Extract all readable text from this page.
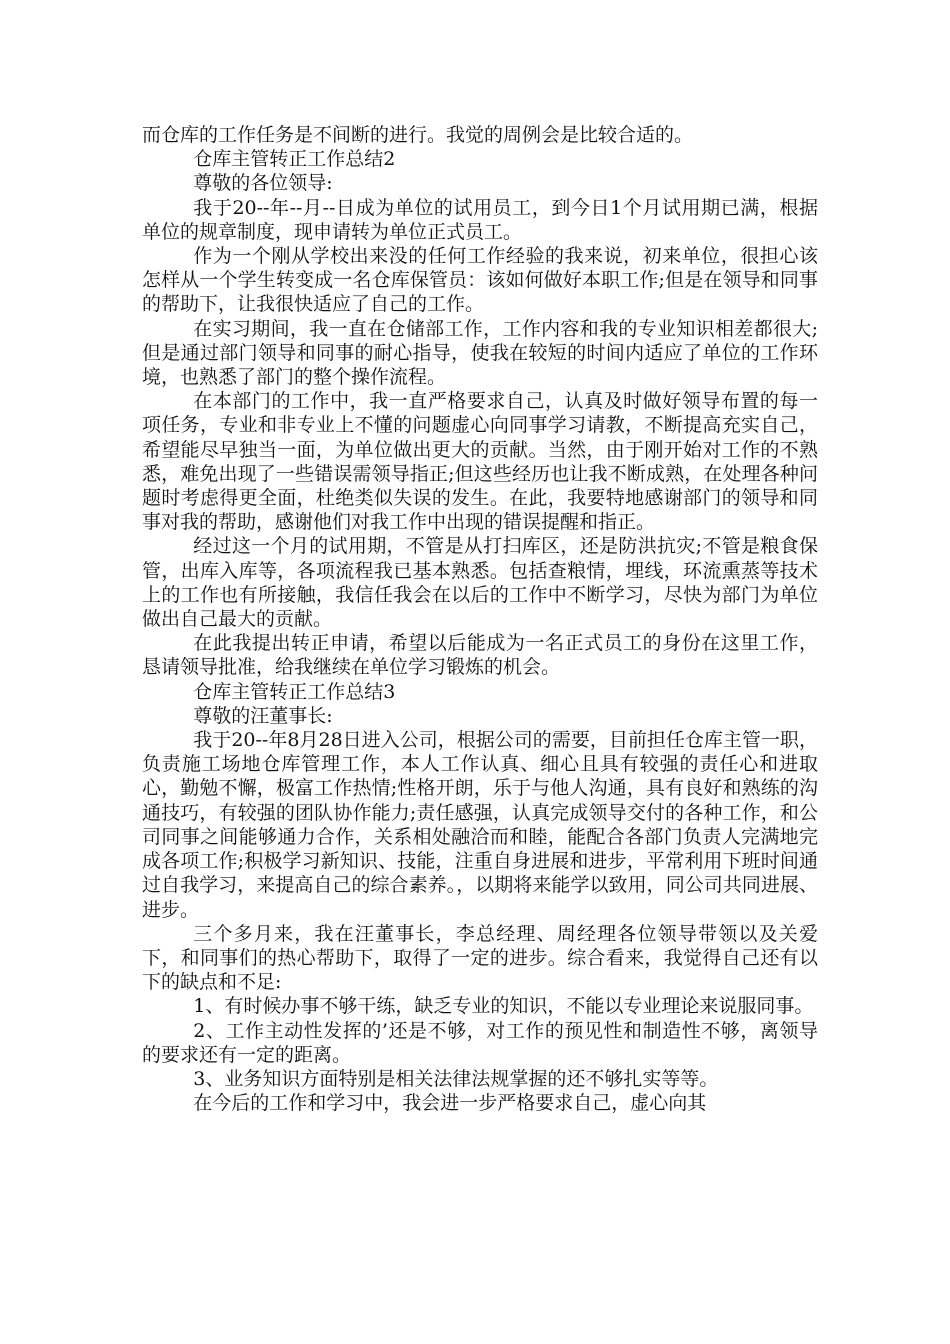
而仓库的工作任务是不间断的进行。我觉的周例会是比较合适的。

仓库主管转正工作总结2

尊敬的各位领导:

我于20--年--月--日成为单位的试用员工，到今日1个月试用期已满，根据单位的规章制度，现申请转为单位正式员工。

作为一个刚从学校出来没的任何工作经验的我来说，初来单位，很担心该怎样从一个学生转变成一名仓库保管员：该如何做好本职工作;但是在领导和同事的帮助下，让我很快适应了自己的工作。

在实习期间，我一直在仓储部工作，工作内容和我的专业知识相差都很大;但是通过部门领导和同事的耐心指导，使我在较短的时间内适应了单位的工作环境，也熟悉了部门的整个操作流程。

在本部门的工作中，我一直严格要求自己，认真及时做好领导布置的每一项任务，专业和非专业上不懂的问题虚心向同事学习请教，不断提高充实自己，希望能尽早独当一面，为单位做出更大的贡献。当然，由于刚开始对工作的不熟悉，难免出现了一些错误需领导指正;但这些经历也让我不断成熟，在处理各种问题时考虑得更全面，杜绝类似失误的发生。在此，我要特地感谢部门的领导和同事对我的帮助，感谢他们对我工作中出现的错误提醒和指正。

经过这一个月的试用期，不管是从打扫库区，还是防洪抗灾;不管是粮食保管，出库入库等，各项流程我已基本熟悉。包括查粮情，埋线，环流熏蒸等技术上的工作也有所接触，我信任我会在以后的工作中不断学习，尽快为部门为单位做出自己最大的贡献。

在此我提出转正申请，希望以后能成为一名正式员工的身份在这里工作，恳请领导批准，给我继续在单位学习锻炼的机会。

仓库主管转正工作总结3

尊敬的汪董事长:

我于20--年8月28日进入公司，根据公司的需要，目前担任仓库主管一职，负责施工场地仓库管理工作，本人工作认真、细心且具有较强的责任心和进取心，勤勉不懈，极富工作热情;性格开朗，乐于与他人沟通，具有良好和熟练的沟通技巧，有较强的团队协作能力;责任感强，认真完成领导交付的各种工作，和公司同事之间能够通力合作，关系相处融洽而和睦，能配合各部门负责人完满地完成各项工作;积极学习新知识、技能，注重自身进展和进步，平常利用下班时间通过自我学习，来提高自己的综合素养。，以期将来能学以致用，同公司共同进展、进步。

三个多月来，我在汪董事长，李总经理、周经理各位领导带领以及关爱下，和同事们的热心帮助下，取得了一定的进步。综合看来，我觉得自己还有以下的缺点和不足:

1、有时候办事不够干练，缺乏专业的知识，不能以专业理论来说服同事。

2、工作主动性发挥的’还是不够，对工作的预见性和制造性不够，离领导的要求还有一定的距离。

3、业务知识方面特别是相关法律法规掌握的还不够扎实等等。

在今后的工作和学习中，我会进一步严格要求自己，虚心向其
